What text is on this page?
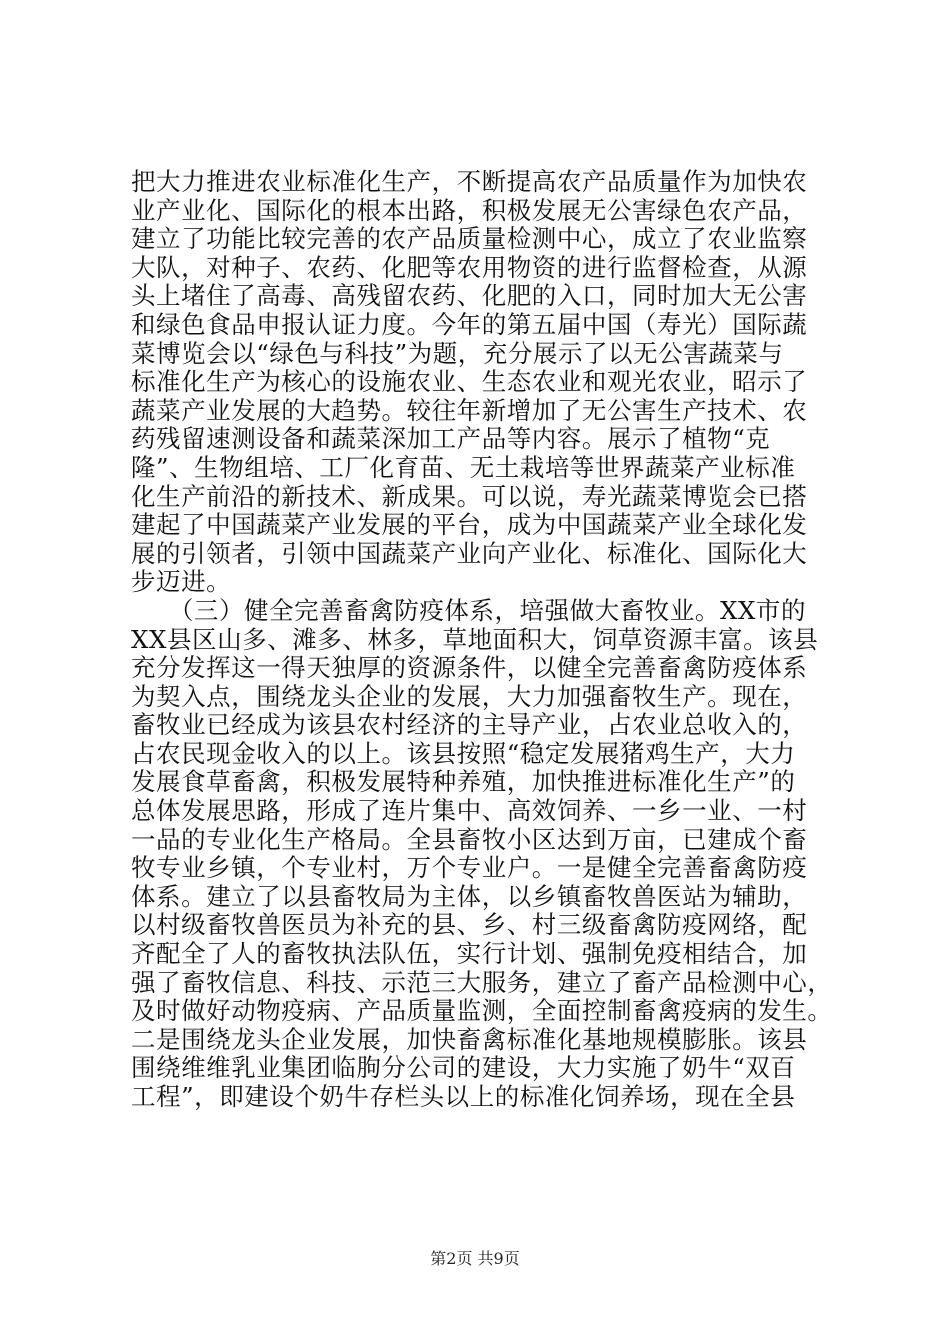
把大力推进农业标准化生产，不断提高农产品质量作为加快农
业产业化、国际化的根本出路，积极发展无公害绿色农产品，
建立了功能比较完善的农产品质量检测中心，成立了农业监察
大队，对种子、农药、化肥等农用物资的进行监督检查，从源
头上堵住了高毒、高残留农药、化肥的入口，同时加大无公害
和绿色食品申报认证力度。今年的第五届中国（寿光）国际蔬
菜博览会以“绿色与科技”为题，充分展示了以无公害蔬菜与
标准化生产为核心的设施农业、生态农业和观光农业，昭示了
蔬菜产业发展的大趋势。较往年新增加了无公害生产技术、农
药残留速测设备和蔬菜深加工产品等内容。展示了植物“克
隆”、生物组培、工厂化育苗、无土栽培等世界蔬菜产业标准
化生产前沿的新技术、新成果。可以说，寿光蔬菜博览会已搭
建起了中国蔬菜产业发展的平台，成为中国蔬菜产业全球化发
展的引领者，引领中国蔬菜产业向产业化、标准化、国际化大
步迈进。
　　（三）健全完善畜禽防疫体系，培强做大畜牧业。XX市的
XX县区山多、滩多、林多，草地面积大，饲草资源丰富。该县
充分发挥这一得天独厚的资源条件，以健全完善畜禽防疫体系
为契入点，围绕龙头企业的发展，大力加强畜牧生产。现在，
畜牧业已经成为该县农村经济的主导产业，占农业总收入的，
占农民现金收入的以上。该县按照“稳定发展猪鸡生产，大力
发展食草畜禽，积极发展特种养殖，加快推进标准化生产”的
总体发展思路，形成了连片集中、高效饲养、一乡一业、一村
一品的专业化生产格局。全县畜牧小区达到万亩，已建成个畜
牧专业乡镇，个专业村，万个专业户。一是健全完善畜禽防疫
体系。建立了以县畜牧局为主体，以乡镇畜牧兽医站为辅助，
以村级畜牧兽医员为补充的县、乡、村三级畜禽防疫网络，配
齐配全了人的畜牧执法队伍，实行计划、强制免疫相结合，加
强了畜牧信息、科技、示范三大服务，建立了畜产品检测中心，
及时做好动物疫病、产品质量监测，全面控制畜禽疫病的发生。
二是围绕龙头企业发展，加快畜禽标准化基地规模膨胀。该县
围绕维维乳业集团临朐分公司的建设，大力实施了奶牛“双百
工程”，即建设个奶牛存栏头以上的标准化饲养场，现在全县
第2页 共9页
